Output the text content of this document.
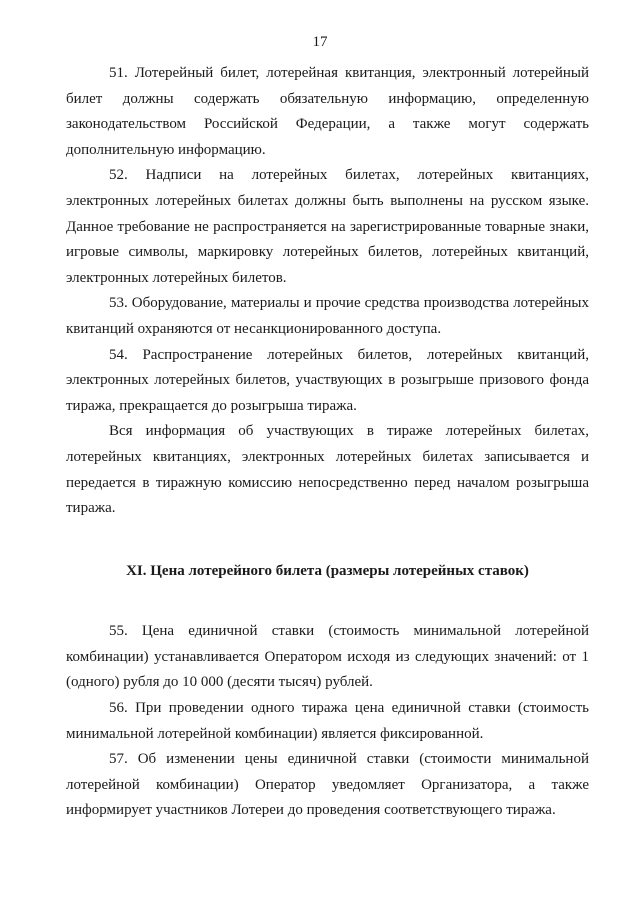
17

51. Лотерейный билет, лотерейная квитанция, электронный лотерейный билет должны содержать обязательную информацию, определенную законодательством Российской Федерации, а также могут содержать дополнительную информацию.

52. Надписи на лотерейных билетах, лотерейных квитанциях, электронных лотерейных билетах должны быть выполнены на русском языке. Данное требование не распространяется на зарегистрированные товарные знаки, игровые символы, маркировку лотерейных билетов, лотерейных квитанций, электронных лотерейных билетов.

53. Оборудование, материалы и прочие средства производства лотерейных квитанций охраняются от несанкционированного доступа.

54. Распространение лотерейных билетов, лотерейных квитанций, электронных лотерейных билетов, участвующих в розыгрыше призового фонда тиража, прекращается до розыгрыша тиража.

Вся информация об участвующих в тираже лотерейных билетах, лотерейных квитанциях, электронных лотерейных билетах записывается и передается в тиражную комиссию непосредственно перед началом розыгрыша тиража.

XI. Цена лотерейного билета (размеры лотерейных ставок)

55. Цена единичной ставки (стоимость минимальной лотерейной комбинации) устанавливается Оператором исходя из следующих значений: от 1 (одного) рубля до 10 000 (десяти тысяч) рублей.

56. При проведении одного тиража цена единичной ставки (стоимость минимальной лотерейной комбинации) является фиксированной.

57. Об изменении цены единичной ставки (стоимости минимальной лотерейной комбинации) Оператор уведомляет Организатора, а также информирует участников Лотереи до проведения соответствующего тиража.
